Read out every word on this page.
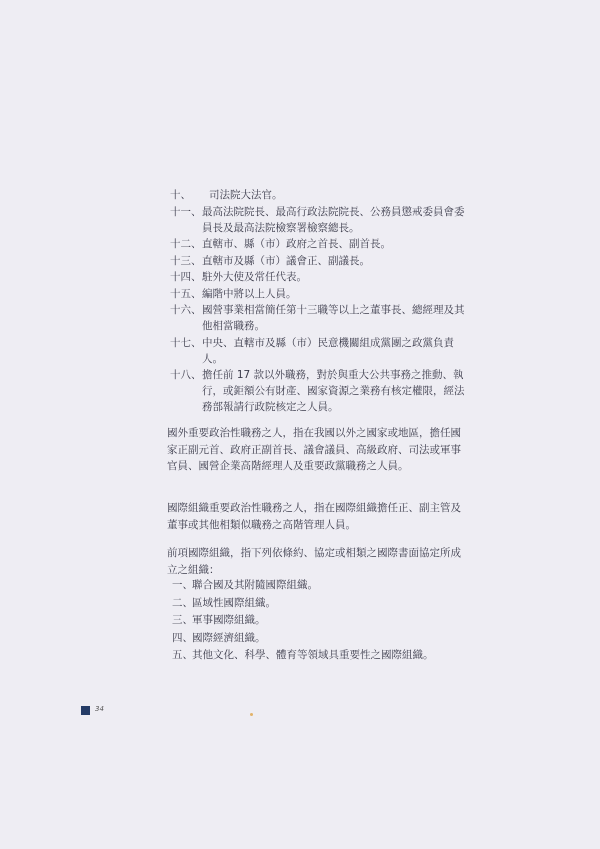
十、	司法院大法官。
十一、 最高法院院長、最高行政法院院長、公務員懲戒委員會委員長及最高法院檢察署檢察總長。
十二、 直轄市、縣（市）政府之首長、副首長。
十三、 直轄市及縣（市）議會正、副議長。
十四、 駐外大使及常任代表。
十五、 編階中將以上人員。
十六、 國營事業相當簡任第十三職等以上之董事長、總經理及其他相當職務。
十七、 中央、直轄市及縣（市）民意機關組成黨團之政黨負責人。
十八、 擔任前 17 款以外職務，對於與重大公共事務之推動、執行，或鉅額公有財產、國家資源之業務有核定權限，經法務部報請行政院核定之人員。
國外重要政治性職務之人，指在我國以外之國家或地區，擔任國家正副元首、政府正副首長、議會議員、高級政府、司法或軍事官員、國營企業高階經理人及重要政黨職務之人員。
國際組織重要政治性職務之人，指在國際組織擔任正、副主管及董事或其他相類似職務之高階管理人員。
前項國際組織，指下列依條約、協定或相類之國際書面協定所成立之組織：
一、 聯合國及其附隨國際組織。
二、 區域性國際組織。
三、 軍事國際組織。
四、 國際經濟組織。
五、 其他文化、科學、體育等領域具重要性之國際組織。
34
